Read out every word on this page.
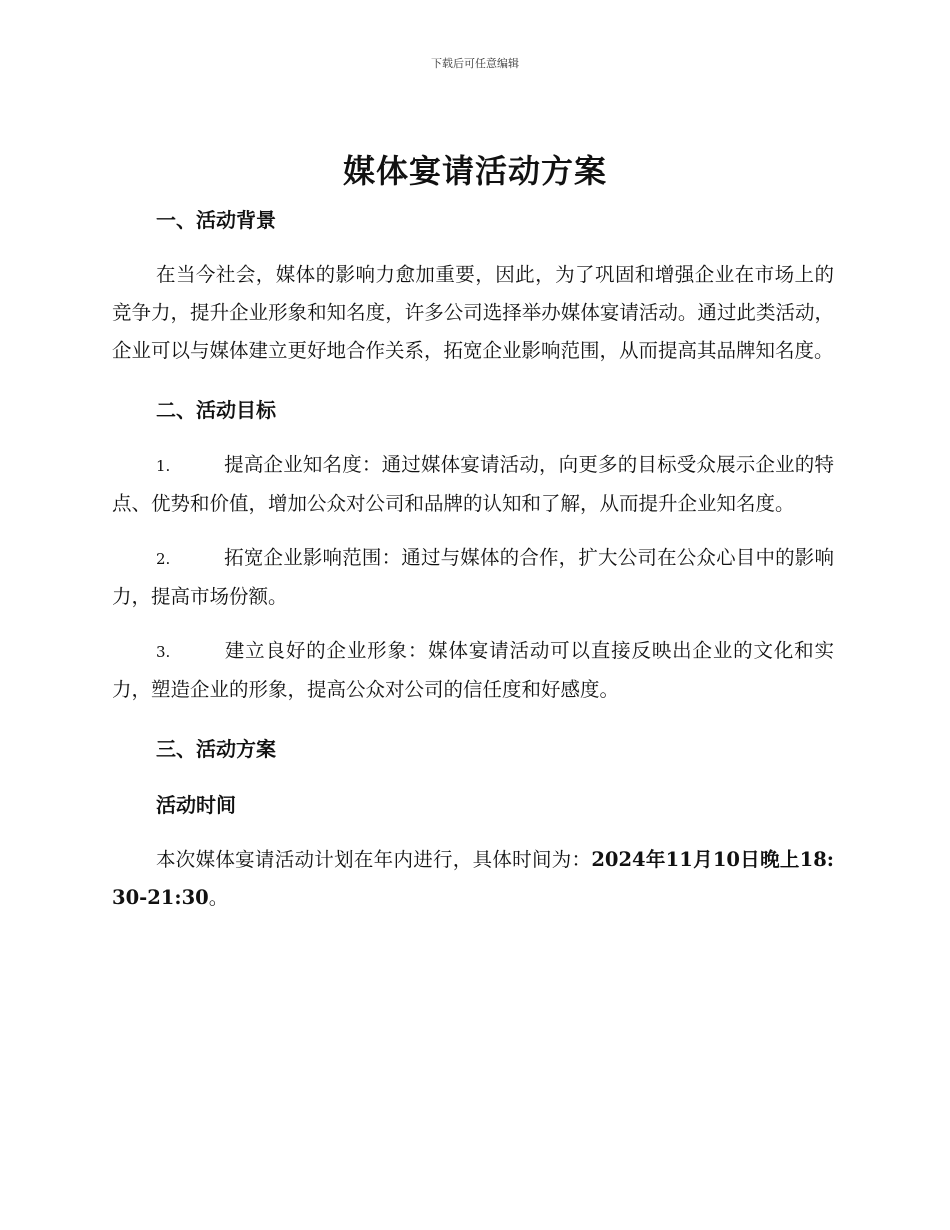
下载后可任意编辑
媒体宴请活动方案
一、活动背景

在当今社会，媒体的影响力愈加重要，因此，为了巩固和增强企业在市场上的竞争力，提升企业形象和知名度，许多公司选择举办媒体宴请活动。通过此类活动，企业可以与媒体建立更好地合作关系，拓宽企业影响范围，从而提高其品牌知名度。

二、活动目标

1.	提高企业知名度：通过媒体宴请活动，向更多的目标受众展示企业的特点、优势和价值，增加公众对公司和品牌的认知和了解，从而提升企业知名度。

2.	拓宽企业影响范围：通过与媒体的合作，扩大公司在公众心目中的影响力，提高市场份额。

3.	建立良好的企业形象：媒体宴请活动可以直接反映出企业的文化和实力，塑造企业的形象，提高公众对公司的信任度和好感度。

三、活动方案
活动时间

本次媒体宴请活动计划在年内进行，具体时间为：2024年11月10日晚上18:30-21:30。
